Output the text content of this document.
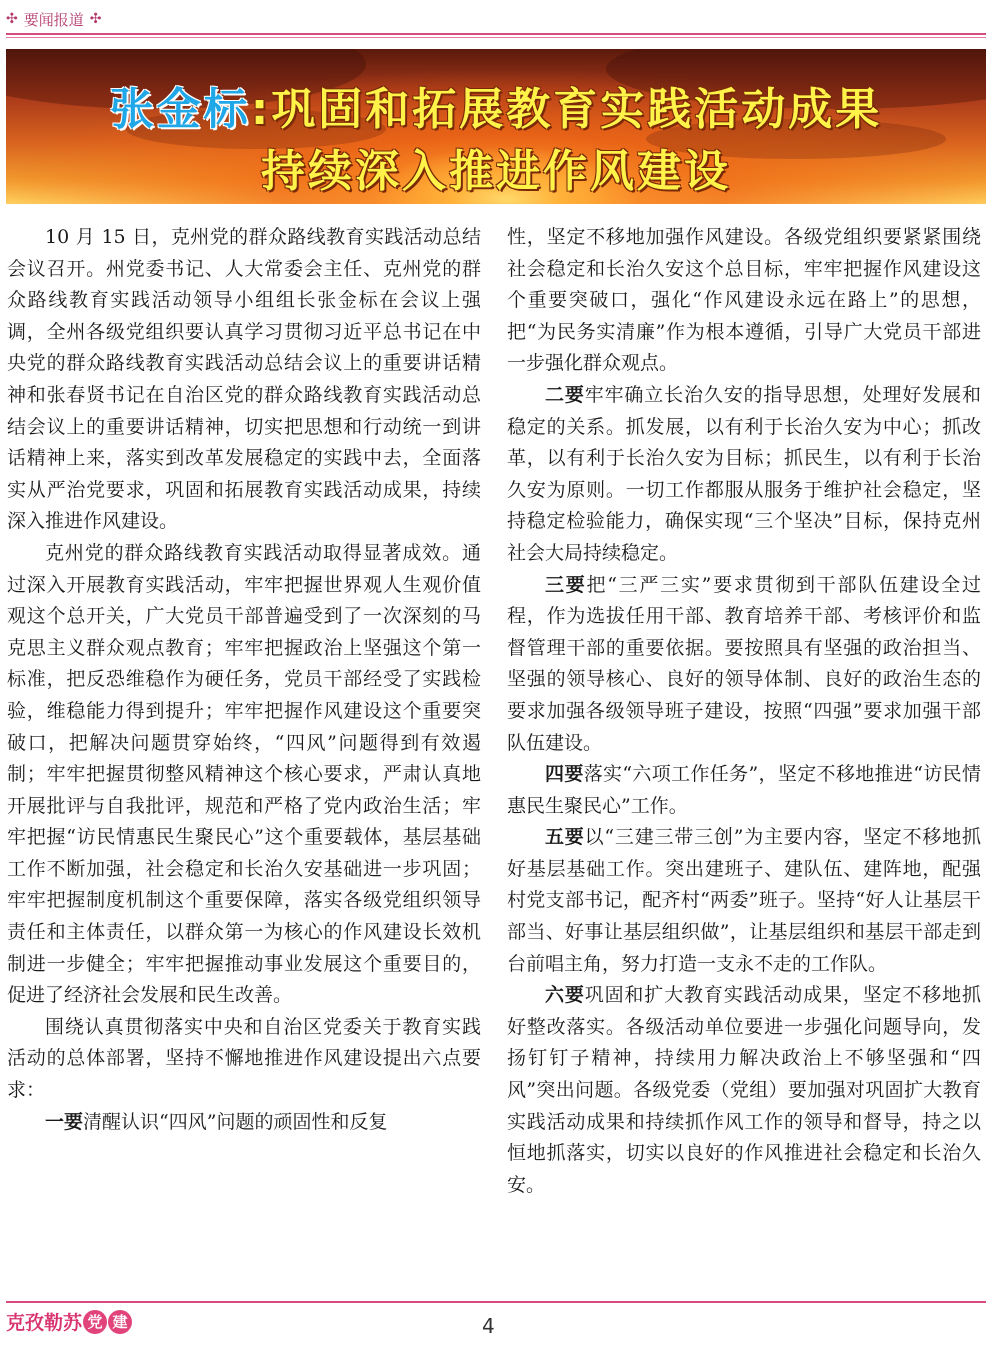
✣ 要闻报道 ✣
张金标:巩固和拓展教育实践活动成果
持续深入推进作风建设

10 月 15 日，克州党的群众路线教育实践活动总结会议召开。州党委书记、人大常委会主任、克州党的群众路线教育实践活动领导小组组长张金标在会议上强调，全州各级党组织要认真学习贯彻习近平总书记在中央党的群众路线教育实践活动总结会议上的重要讲话精神和张春贤书记在自治区党的群众路线教育实践活动总结会议上的重要讲话精神，切实把思想和行动统一到讲话精神上来，落实到改革发展稳定的实践中去，全面落实从严治党要求，巩固和拓展教育实践活动成果，持续深入推进作风建设。

克州党的群众路线教育实践活动取得显著成效。通过深入开展教育实践活动，牢牢把握世界观人生观价值观这个总开关，广大党员干部普遍受到了一次深刻的马克思主义群众观点教育；牢牢把握政治上坚强这个第一标准，把反恐维稳作为硬任务，党员干部经受了实践检验，维稳能力得到提升；牢牢把握作风建设这个重要突破口，把解决问题贯穿始终，“四风”问题得到有效遏制；牢牢把握贯彻整风精神这个核心要求，严肃认真地开展批评与自我批评，规范和严格了党内政治生活；牢牢把握“访民情惠民生聚民心”这个重要载体，基层基础工作不断加强，社会稳定和长治久安基础进一步巩固；牢牢把握制度机制这个重要保障，落实各级党组织领导责任和主体责任，以群众第一为核心的作风建设长效机制进一步健全；牢牢把握推动事业发展这个重要目的，促进了经济社会发展和民生改善。

围绕认真贯彻落实中央和自治区党委关于教育实践活动的总体部署，坚持不懈地推进作风建设提出六点要求：

一要清醒认识“四风”问题的顽固性和反复

性，坚定不移地加强作风建设。各级党组织要紧紧围绕社会稳定和长治久安这个总目标，牢牢把握作风建设这个重要突破口，强化“作风建设永远在路上”的思想，把“为民务实清廉”作为根本遵循，引导广大党员干部进一步强化群众观点。

二要牢牢确立长治久安的指导思想，处理好发展和稳定的关系。抓发展，以有利于长治久安为中心；抓改革，以有利于长治久安为目标；抓民生，以有利于长治久安为原则。一切工作都服从服务于维护社会稳定，坚持稳定检验能力，确保实现“三个坚决”目标，保持克州社会大局持续稳定。

三要把“三严三实”要求贯彻到干部队伍建设全过程，作为选拔任用干部、教育培养干部、考核评价和监督管理干部的重要依据。要按照具有坚强的政治担当、坚强的领导核心、良好的领导体制、良好的政治生态的要求加强各级领导班子建设，按照“四强”要求加强干部队伍建设。

四要落实“六项工作任务”，坚定不移地推进“访民情惠民生聚民心”工作。

五要以“三建三带三创”为主要内容，坚定不移地抓好基层基础工作。突出建班子、建队伍、建阵地，配强村党支部书记，配齐村“两委”班子。坚持“好人让基层干部当、好事让基层组织做”，让基层组织和基层干部走到台前唱主角，努力打造一支永不走的工作队。

六要巩固和扩大教育实践活动成果，坚定不移地抓好整改落实。各级活动单位要进一步强化问题导向，发扬钉钉子精神，持续用力解决政治上不够坚强和“四风”突出问题。各级党委（党组）要加强对巩固扩大教育实践活动成果和持续抓作风工作的领导和督导，持之以恒地抓落实，切实以良好的作风推进社会稳定和长治久安。

克孜勒苏 党 建	4
